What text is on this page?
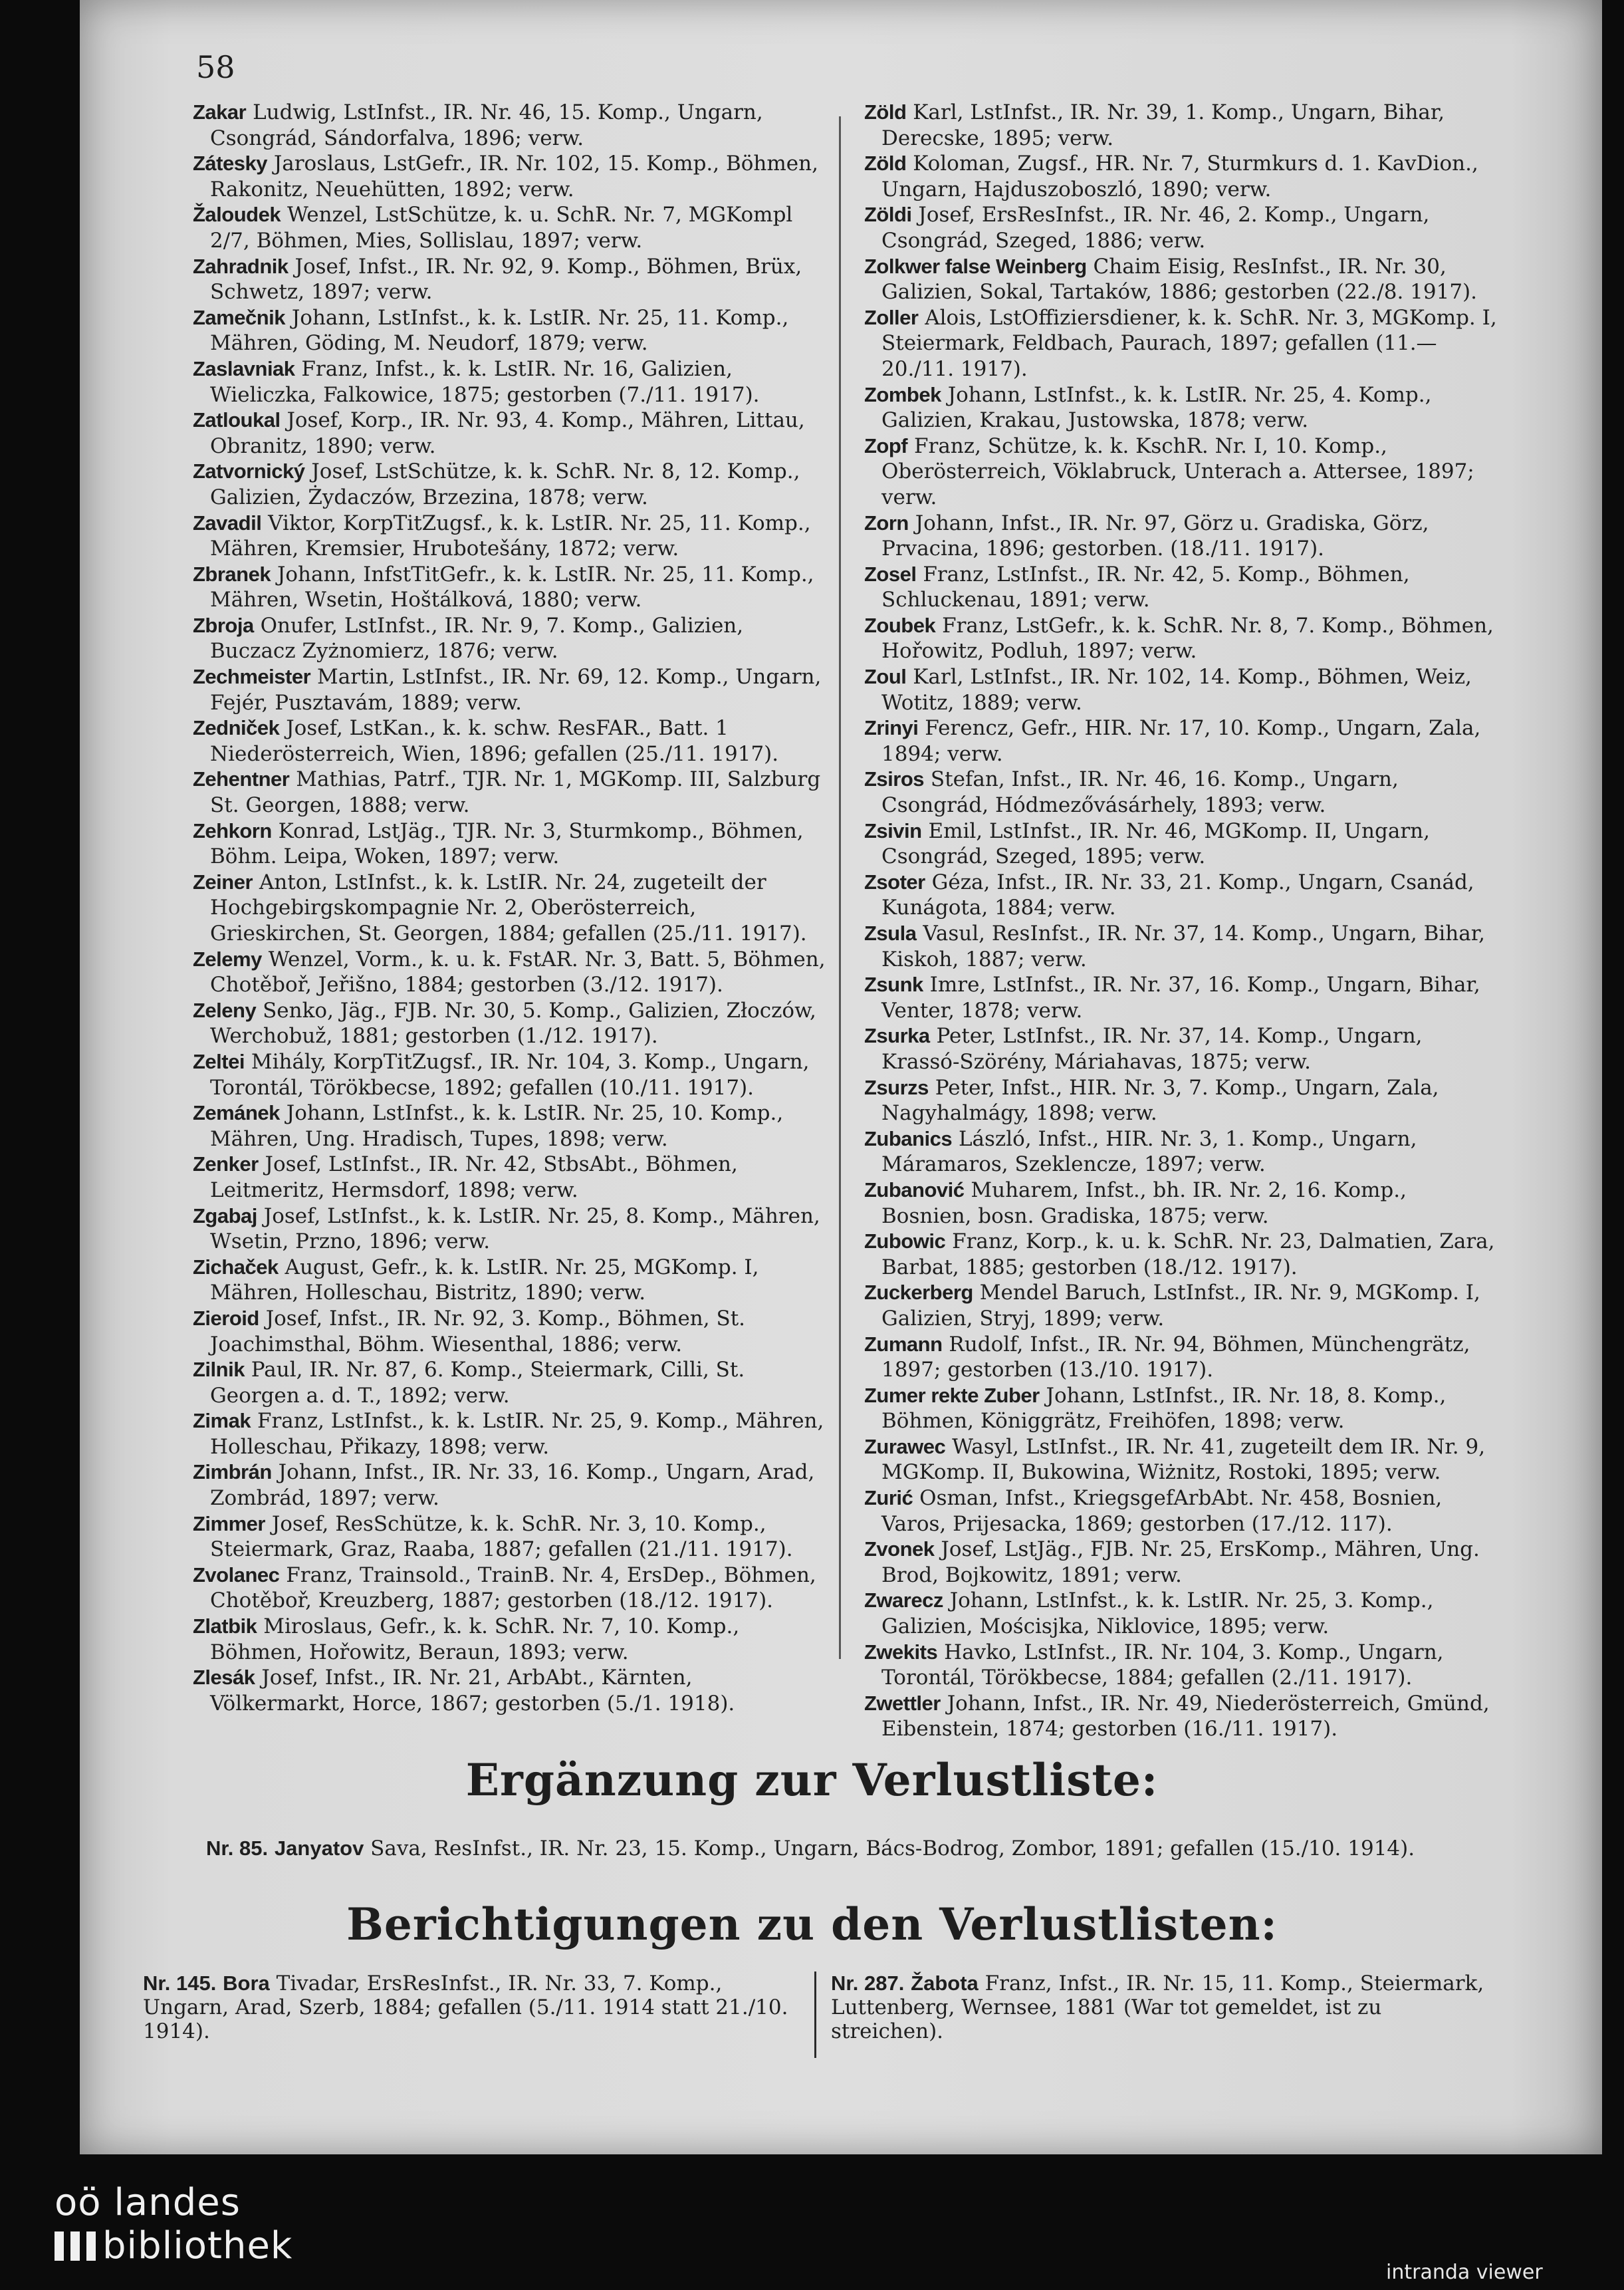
58
Zakar Ludwig, LstInfst., IR. Nr. 46, 15. Komp., Ungarn, Csongrád, Sándorfalva, 1896; verw.
Zátesky Jaroslaus, LstGefr., IR. Nr. 102, 15. Komp., Böhmen, Rakonitz, Neuehütten, 1892; verw.
Žaloudek Wenzel, LstSchütze, k. u. SchR. Nr. 7, MGKompl 2/7, Böhmen, Mies, Sollislau, 1897; verw.
Zahradnik Josef, Infst., IR. Nr. 92, 9. Komp., Böhmen, Brüx, Schwetz, 1897; verw.
Zamečnik Johann, LstInfst., k. k. LstIR. Nr. 25, 11. Komp., Mähren, Göding, M. Neudorf, 1879; verw.
Zaslavniak Franz, Infst., k. k. LstIR. Nr. 16, Galizien, Wieliczka, Falkowice, 1875; gestorben (7./11. 1917).
Zatloukal Josef, Korp., IR. Nr. 93, 4. Komp., Mähren, Littau, Obranitz, 1890; verw.
Zatvornický Josef, LstSchütze, k. k. SchR. Nr. 8, 12. Komp., Galizien, Żydaczów, Brzezina, 1878; verw.
Zavadil Viktor, KorpTitZugsf., k. k. LstIR. Nr. 25, 11. Komp., Mähren, Kremsier, Hrubotešány, 1872; verw.
Zbranek Johann, InfstTitGefr., k. k. LstIR. Nr. 25, 11. Komp., Mähren, Wsetin, Hoštálková, 1880; verw.
Zbroja Onufer, LstInfst., IR. Nr. 9, 7. Komp., Galizien, Buczacz Zyżnomierz, 1876; verw.
Zechmeister Martin, LstInfst., IR. Nr. 69, 12. Komp., Ungarn, Fejér, Pusztavám, 1889; verw.
Zedniček Josef, LstKan., k. k. schw. ResFAR., Batt. 1 Niederösterreich, Wien, 1896; gefallen (25./11. 1917).
Zehentner Mathias, Patrf., TJR. Nr. 1, MGKomp. III, Salzburg St. Georgen, 1888; verw.
Zehkorn Konrad, LstJäg., TJR. Nr. 3, Sturmkomp., Böhmen, Böhm. Leipa, Woken, 1897; verw.
Zeiner Anton, LstInfst., k. k. LstIR. Nr. 24, zugeteilt der Hochgebirgskompagnie Nr. 2, Oberösterreich, Grieskirchen, St. Georgen, 1884; gefallen (25./11. 1917).
Zelemy Wenzel, Vorm., k. u. k. FstAR. Nr. 3, Batt. 5, Böhmen, Chotěboř, Jeřišno, 1884; gestorben (3./12. 1917).
Zeleny Senko, Jäg., FJB. Nr. 30, 5. Komp., Galizien, Złoczów, Werchobuž, 1881; gestorben (1./12. 1917).
Zeltei Mihály, KorpTitZugsf., IR. Nr. 104, 3. Komp., Ungarn, Torontál, Törökbecse, 1892; gefallen (10./11. 1917).
Zemánek Johann, LstInfst., k. k. LstIR. Nr. 25, 10. Komp., Mähren, Ung. Hradisch, Tupes, 1898; verw.
Zenker Josef, LstInfst., IR. Nr. 42, StbsAbt., Böhmen, Leitmeritz, Hermsdorf, 1898; verw.
Zgabaj Josef, LstInfst., k. k. LstIR. Nr. 25, 8. Komp., Mähren, Wsetin, Przno, 1896; verw.
Zichaček August, Gefr., k. k. LstIR. Nr. 25, MGKomp. I, Mähren, Holleschau, Bistritz, 1890; verw.
Zieroid Josef, Infst., IR. Nr. 92, 3. Komp., Böhmen, St. Joachimsthal, Böhm. Wiesenthal, 1886; verw.
Zilnik Paul, IR. Nr. 87, 6. Komp., Steiermark, Cilli, St. Georgen a. d. T., 1892; verw.
Zimak Franz, LstInfst., k. k. LstIR. Nr. 25, 9. Komp., Mähren, Holleschau, Přikazy, 1898; verw.
Zimbrán Johann, Infst., IR. Nr. 33, 16. Komp., Ungarn, Arad, Zombrád, 1897; verw.
Zimmer Josef, ResSchütze, k. k. SchR. Nr. 3, 10. Komp., Steiermark, Graz, Raaba, 1887; gefallen (21./11. 1917).
Zvolanec Franz, Trainsold., TrainB. Nr. 4, ErsDep., Böhmen, Chotěboř, Kreuzberg, 1887; gestorben (18./12. 1917).
Zlatbik Miroslaus, Gefr., k. k. SchR. Nr. 7, 10. Komp., Böhmen, Hořowitz, Beraun, 1893; verw.
Zlesák Josef, Infst., IR. Nr. 21, ArbAbt., Kärnten, Völkermarkt, Horce, 1867; gestorben (5./1. 1918).
Zöld Karl, LstInfst., IR. Nr. 39, 1. Komp., Ungarn, Bihar, Derecske, 1895; verw.
Zöld Koloman, Zugsf., HR. Nr. 7, Sturmkurs d. 1. KavDion., Ungarn, Hajduszoboszló, 1890; verw.
Zöldi Josef, ErsResInfst., IR. Nr. 46, 2. Komp., Ungarn, Csongrád, Szeged, 1886; verw.
Zolkwer false Weinberg Chaim Eisig, ResInfst., IR. Nr. 30, Galizien, Sokal, Tartaków, 1886; gestorben (22./8. 1917).
Zoller Alois, LstOffiziersdiener, k. k. SchR. Nr. 3, MGKomp. I, Steiermark, Feldbach, Paurach, 1897; gefallen (11.—20./11. 1917).
Zombek Johann, LstInfst., k. k. LstIR. Nr. 25, 4. Komp., Galizien, Krakau, Justowska, 1878; verw.
Zopf Franz, Schütze, k. k. KschR. Nr. I, 10. Komp., Oberösterreich, Vöklabruck, Unterach a. Attersee, 1897; verw.
Zorn Johann, Infst., IR. Nr. 97, Görz u. Gradiska, Görz, Prvacina, 1896; gestorben. (18./11. 1917).
Zosel Franz, LstInfst., IR. Nr. 42, 5. Komp., Böhmen, Schluckenau, 1891; verw.
Zoubek Franz, LstGefr., k. k. SchR. Nr. 8, 7. Komp., Böhmen, Hořowitz, Podluh, 1897; verw.
Zoul Karl, LstInfst., IR. Nr. 102, 14. Komp., Böhmen, Weiz, Wotitz, 1889; verw.
Zrinyi Ferencz, Gefr., HIR. Nr. 17, 10. Komp., Ungarn, Zala, 1894; verw.
Zsiros Stefan, Infst., IR. Nr. 46, 16. Komp., Ungarn, Csongrád, Hódmezővásárhely, 1893; verw.
Zsivin Emil, LstInfst., IR. Nr. 46, MGKomp. II, Ungarn, Csongrád, Szeged, 1895; verw.
Zsoter Géza, Infst., IR. Nr. 33, 21. Komp., Ungarn, Csanád, Kunágota, 1884; verw.
Zsula Vasul, ResInfst., IR. Nr. 37, 14. Komp., Ungarn, Bihar, Kiskoh, 1887; verw.
Zsunk Imre, LstInfst., IR. Nr. 37, 16. Komp., Ungarn, Bihar, Venter, 1878; verw.
Zsurka Peter, LstInfst., IR. Nr. 37, 14. Komp., Ungarn, Krassó-Szörény, Máriahavas, 1875; verw.
Zsurzs Peter, Infst., HIR. Nr. 3, 7. Komp., Ungarn, Zala, Nagyhalmágy, 1898; verw.
Zubanics László, Infst., HIR. Nr. 3, 1. Komp., Ungarn, Máramaros, Szeklencze, 1897; verw.
Zubanović Muharem, Infst., bh. IR. Nr. 2, 16. Komp., Bosnien, bosn. Gradiska, 1875; verw.
Zubowic Franz, Korp., k. u. k. SchR. Nr. 23, Dalmatien, Zara, Barbat, 1885; gestorben (18./12. 1917).
Zuckerberg Mendel Baruch, LstInfst., IR. Nr. 9, MGKomp. I, Galizien, Stryj, 1899; verw.
Zumann Rudolf, Infst., IR. Nr. 94, Böhmen, Münchengrätz, 1897; gestorben (13./10. 1917).
Zumer rekte Zuber Johann, LstInfst., IR. Nr. 18, 8. Komp., Böhmen, Königgrätz, Freihöfen, 1898; verw.
Zurawec Wasyl, LstInfst., IR. Nr. 41, zugeteilt dem IR. Nr. 9, MGKomp. II, Bukowina, Wiżnitz, Rostoki, 1895; verw.
Zurić Osman, Infst., KriegsgefArbAbt. Nr. 458, Bosnien, Varos, Prijesacka, 1869; gestorben (17./12. 117).
Zvonek Josef, LstJäg., FJB. Nr. 25, ErsKomp., Mähren, Ung. Brod, Bojkowitz, 1891; verw.
Zwarecz Johann, LstInfst., k. k. LstIR. Nr. 25, 3. Komp., Galizien, Mościsjka, Niklovice, 1895; verw.
Zwekits Havko, LstInfst., IR. Nr. 104, 3. Komp., Ungarn, Torontál, Törökbecse, 1884; gefallen (2./11. 1917).
Zwettler Johann, Infst., IR. Nr. 49, Niederösterreich, Gmünd, Eibenstein, 1874; gestorben (16./11. 1917).
Ergänzung zur Verlustliste:
Nr. 85. Janyatov Sava, ResInfst., IR. Nr. 23, 15. Komp., Ungarn, Bács-Bodrog, Zombor, 1891; gefallen (15./10. 1914).
Berichtigungen zu den Verlustlisten:
Nr. 145. Bora Tivadar, ErsResInfst., IR. Nr. 33, 7. Komp., Ungarn, Arad, Szerb, 1884; gefallen (5./11. 1914 statt 21./10. 1914).
Nr. 287. Žabota Franz, Infst., IR. Nr. 15, 11. Komp., Steiermark, Luttenberg, Wernsee, 1881 (War tot gemeldet, ist zu streichen).
oö landes
bibliothek
intranda viewer
